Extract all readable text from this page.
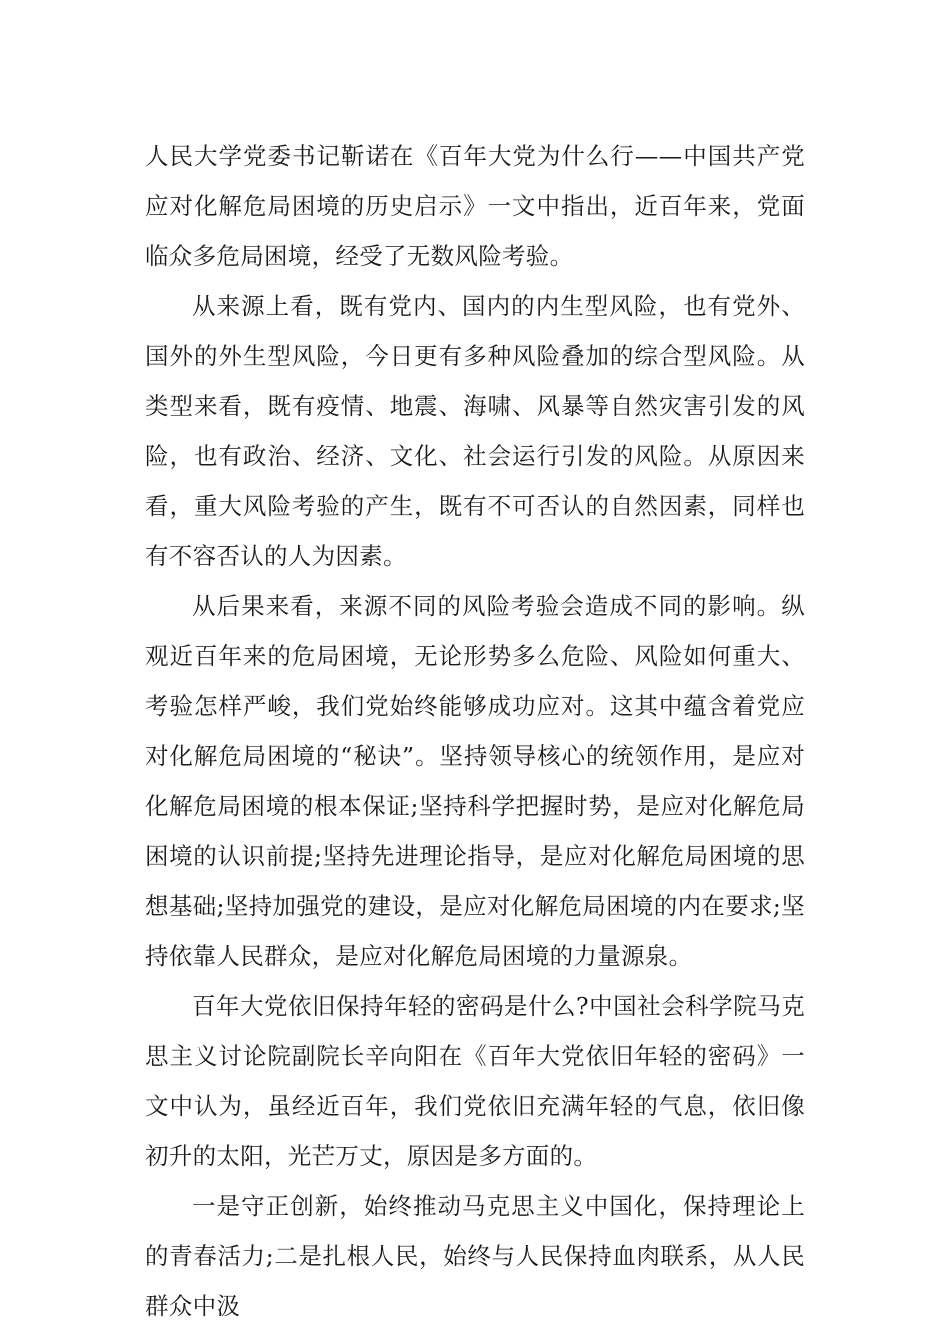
人民大学党委书记靳诺在《百年大党为什么行——中国共产党应对化解危局困境的历史启示》一文中指出，近百年来，党面临众多危局困境，经受了无数风险考验。

从来源上看，既有党内、国内的内生型风险，也有党外、国外的外生型风险，今日更有多种风险叠加的综合型风险。从类型来看，既有疫情、地震、海啸、风暴等自然灾害引发的风险，也有政治、经济、文化、社会运行引发的风险。从原因来看，重大风险考验的产生，既有不可否认的自然因素，同样也有不容否认的人为因素。

从后果来看，来源不同的风险考验会造成不同的影响。纵观近百年来的危局困境，无论形势多么危险、风险如何重大、考验怎样严峻，我们党始终能够成功应对。这其中蕴含着党应对化解危局困境的“秘诀”。坚持领导核心的统领作用，是应对化解危局困境的根本保证;坚持科学把握时势，是应对化解危局困境的认识前提;坚持先进理论指导，是应对化解危局困境的思想基础;坚持加强党的建设，是应对化解危局困境的内在要求;坚持依靠人民群众，是应对化解危局困境的力量源泉。

百年大党依旧保持年轻的密码是什么?中国社会科学院马克思主义讨论院副院长辛向阳在《百年大党依旧年轻的密码》一文中认为，虽经近百年，我们党依旧充满年轻的气息，依旧像初升的太阳，光芒万丈，原因是多方面的。

一是守正创新，始终推动马克思主义中国化，保持理论上的青春活力;二是扎根人民，始终与人民保持血肉联系，从人民群众中汲
